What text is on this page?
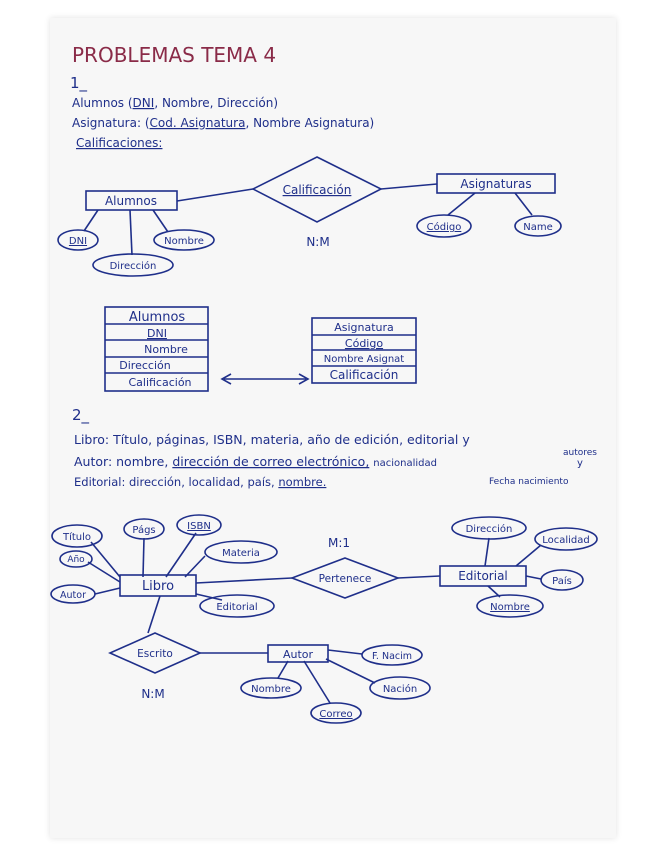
PROBLEMAS TEMA 4
1_
Alumnos (DNI, Nombre, Dirección)
Asignatura: (Cod. Asignatura, Nombre Asignatura)
Calificaciones:
Alumnos
Calificación
N:M
Asignaturas
DNI	Nombre
Dirección
Código	Name
Alumnos
DNI
Nombre
Dirección
Calificación
Asignatura
Código
Nombre Asignat
Calificación
2_
Libro: Título, páginas, ISBN, materia, año de edición, editorial y
Autor: nombre, dirección de correo electrónico, nacionalidad
autores
y
Editorial: dirección, localidad, país, nombre.	Fecha nacimiento
Libro
Título
Págs	ISBN
Materia
Año
Autor
Editorial
M:1
Pertenece	Editorial
Dirección
Localidad
País
Nombre
Escrito
N:M
Autor	F. Nacim
Nombre	Nación
Correo
